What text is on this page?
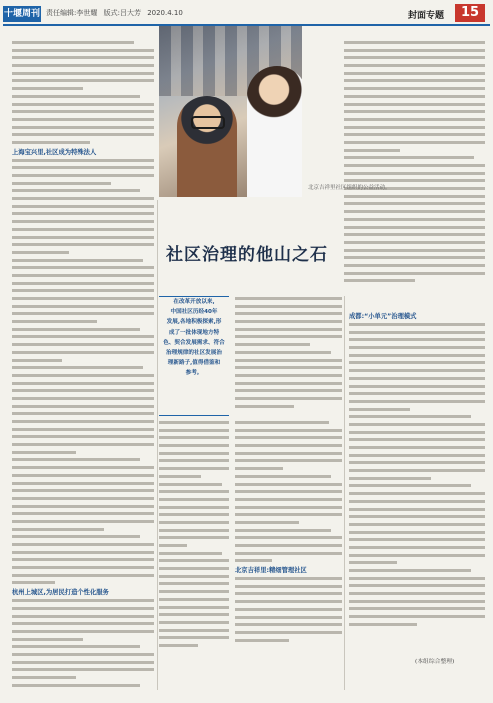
十堰周刊 责任编辑:李世耀 版式:吕大芳 2020.4.10	封面专题	15
上海宝兴里,社区成为特殊法人
杭州上城区,为居民打造个性化服务
北京吉祥里社区组织的公益活动。
社区治理的他山之石
在改革开放以来,
中国社区历经40年
发展,各地积极探索,形
成了一批体现地方特
色、契合发展需求、符合
治理规律的社区发展治
理新路子,值得借鉴和
参考。
北京吉祥里:精细管理社区
成都:“小单元”治理模式
(本组综合整理)
